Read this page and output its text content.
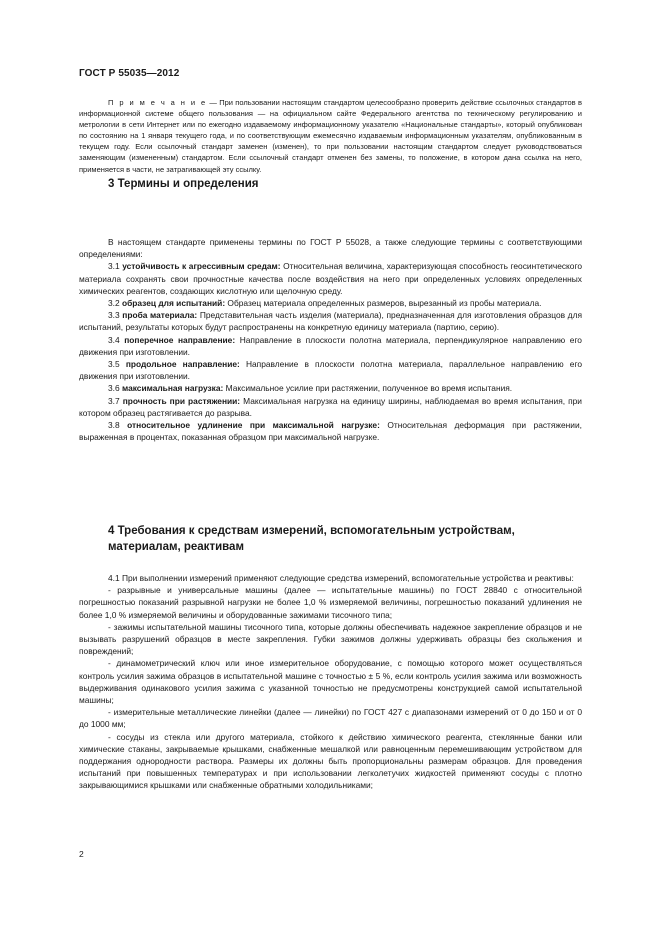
ГОСТ Р 55035—2012

П р и м е ч а н и е — При пользовании настоящим стандартом целесообразно проверить действие ссылочных стандартов в информационной системе общего пользования — на официальном сайте Федерального агентства по техническому регулированию и метрологии в сети Интернет или по ежегодно издаваемому информационному указателю «Национальные стандарты», который опубликован по состоянию на 1 января текущего года, и по соответствующим ежемесячно издаваемым информационным указателям, опубликованным в текущем году. Если ссылочный стандарт заменен (изменен), то при пользовании настоящим стандартом следует руководствоваться заменяющим (измененным) стандартом. Если ссылочный стандарт отменен без замены, то положение, в котором дана ссылка на него, применяется в части, не затрагивающей эту ссылку.

3 Термины и определения

В настоящем стандарте применены термины по ГОСТ Р 55028, а также следующие термины с соответствующими определениями:

3.1 устойчивость к агрессивным средам: Относительная величина, характеризующая способность геосинтетического материала сохранять свои прочностные качества после воздействия на него при определенных условиях определенных химических реагентов, создающих кислотную или щелочную среду.

3.2 образец для испытаний: Образец материала определенных размеров, вырезанный из пробы материала.

3.3 проба материала: Представительная часть изделия (материала), предназначенная для изготовления образцов для испытаний, результаты которых будут распространены на конкретную единицу материала (партию, серию).

3.4 поперечное направление: Направление в плоскости полотна материала, перпендикулярное направлению его движения при изготовлении.

3.5 продольное направление: Направление в плоскости полотна материала, параллельное направлению его движения при изготовлении.

3.6 максимальная нагрузка: Максимальное усилие при растяжении, полученное во время испытания.

3.7 прочность при растяжении: Максимальная нагрузка на единицу ширины, наблюдаемая во время испытания, при котором образец растягивается до разрыва.

3.8 относительное удлинение при максимальной нагрузке: Относительная деформация при растяжении, выраженная в процентах, показанная образцом при максимальной нагрузке.

4 Требования к средствам измерений, вспомогательным устройствам, материалам, реактивам

4.1 При выполнении измерений применяют следующие средства измерений, вспомогательные устройства и реактивы:

- разрывные и универсальные машины (далее — испытательные машины) по ГОСТ 28840 с относительной погрешностью показаний разрывной нагрузки не более 1,0 % измеряемой величины, погрешностью показаний удлинения не более 1,0 % измеряемой величины и оборудованные зажимами тисочного типа;

- зажимы испытательной машины тисочного типа, которые должны обеспечивать надежное закрепление образцов и не вызывать разрушений образцов в месте закрепления. Губки зажимов должны удерживать образцы без скольжения и повреждений;

- динамометрический ключ или иное измерительное оборудование, с помощью которого может осуществляться контроль усилия зажима образцов в испытательной машине с точностью ± 5 %, если контроль усилия зажима или возможность выдерживания одинакового усилия зажима с указанной точностью не предусмотрены конструкцией самой испытательной машины;

- измерительные металлические линейки (далее — линейки) по ГОСТ 427 с диапазонами измерений от 0 до 150 и от 0 до 1000 мм;

- сосуды из стекла или другого материала, стойкого к действию химического реагента, стеклянные банки или химические стаканы, закрываемые крышками, снабженные мешалкой или равноценным перемешивающим устройством для поддержания однородности раствора. Размеры их должны быть пропорциональны размерам образцов. Для проведения испытаний при повышенных температурах и при использовании легколетучих жидкостей применяют сосуды с плотно закрывающимися крышками или снабженные обратными холодильниками;

2
